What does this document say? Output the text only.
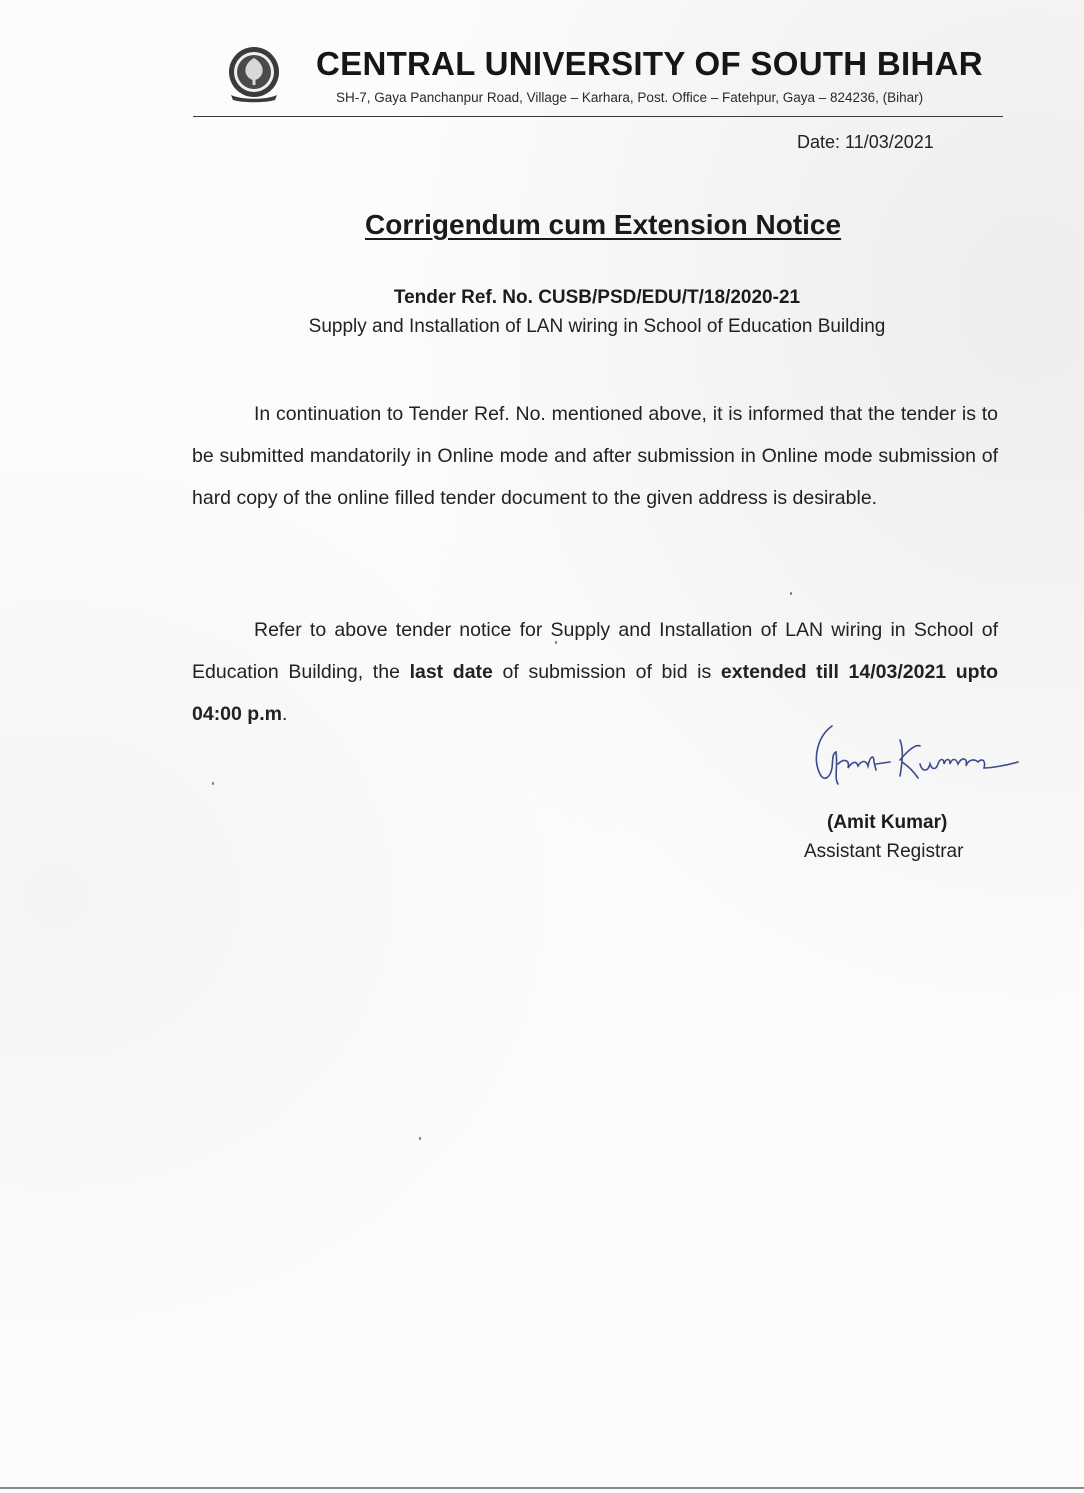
CENTRAL UNIVERSITY OF SOUTH BIHAR
SH-7, Gaya Panchanpur Road, Village – Karhara, Post. Office – Fatehpur, Gaya – 824236, (Bihar)
Date: 11/03/2021
Corrigendum cum Extension Notice
Tender Ref. No. CUSB/PSD/EDU/T/18/2020-21
Supply and Installation of LAN wiring in School of Education Building
In continuation to Tender Ref. No. mentioned above, it is informed that the tender is to be submitted mandatorily in Online mode and after submission in Online mode submission of hard copy of the online filled tender document to the given address is desirable.
Refer to above tender notice for Supply and Installation of LAN wiring in School of Education Building, the last date of submission of bid is extended till 14/03/2021 upto 04:00 p.m.
(Amit Kumar)
Assistant Registrar
